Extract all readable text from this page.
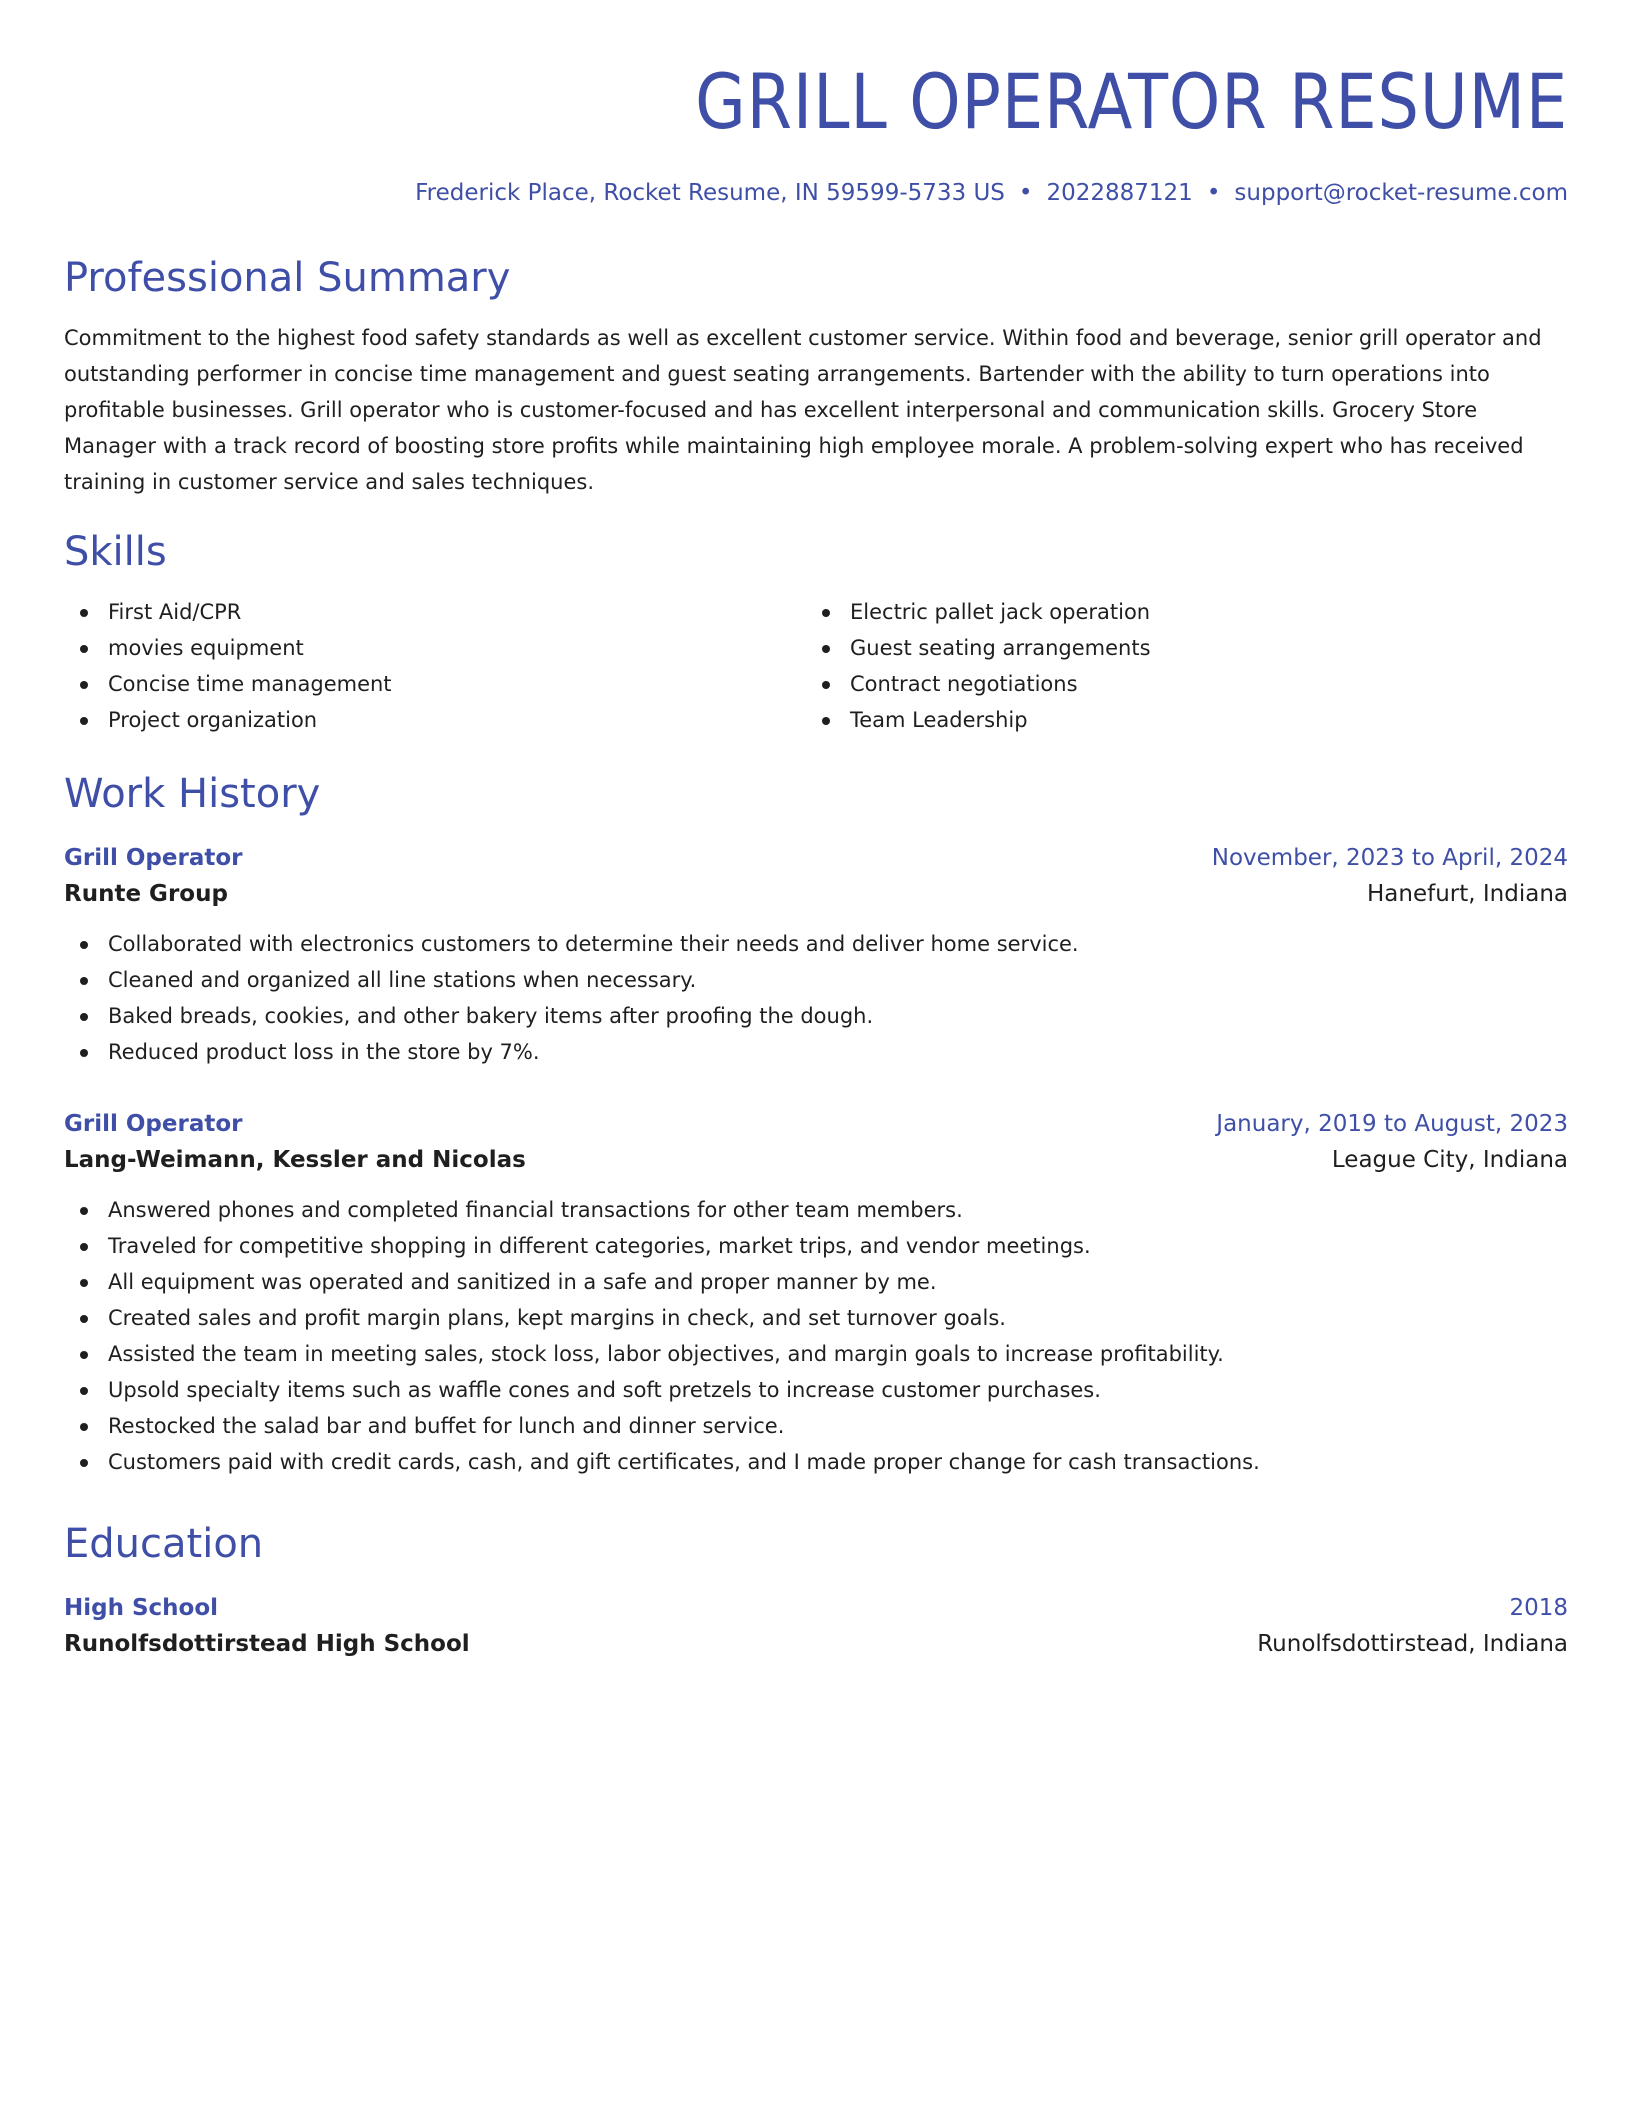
GRILL OPERATOR RESUME
Frederick Place, Rocket Resume, IN 59599-5733 US • 2022887121 • support@rocket-resume.com
Professional Summary

Commitment to the highest food safety standards as well as excellent customer service. Within food and beverage, senior grill operator and outstanding performer in concise time management and guest seating arrangements. Bartender with the ability to turn operations into profitable businesses. Grill operator who is customer-focused and has excellent interpersonal and communication skills. Grocery Store Manager with a track record of boosting store profits while maintaining high employee morale. A problem-solving expert who has received training in customer service and sales techniques.

Skills
First Aid/CPR
movies equipment
Concise time management
Project organization
Electric pallet jack operation
Guest seating arrangements
Contract negotiations
Team Leadership
Work History
Grill Operator	November, 2023 to April, 2024
Runte Group	Hanefurt, Indiana
Collaborated with electronics customers to determine their needs and deliver home service.
Cleaned and organized all line stations when necessary.
Baked breads, cookies, and other bakery items after proofing the dough.
Reduced product loss in the store by 7%.
Grill Operator	January, 2019 to August, 2023
Lang-Weimann, Kessler and Nicolas	League City, Indiana
Answered phones and completed financial transactions for other team members.
Traveled for competitive shopping in different categories, market trips, and vendor meetings.
All equipment was operated and sanitized in a safe and proper manner by me.
Created sales and profit margin plans, kept margins in check, and set turnover goals.
Assisted the team in meeting sales, stock loss, labor objectives, and margin goals to increase profitability.
Upsold specialty items such as waffle cones and soft pretzels to increase customer purchases.
Restocked the salad bar and buffet for lunch and dinner service.
Customers paid with credit cards, cash, and gift certificates, and I made proper change for cash transactions.
Education
High School	2018
Runolfsdottirstead High School	Runolfsdottirstead, Indiana
